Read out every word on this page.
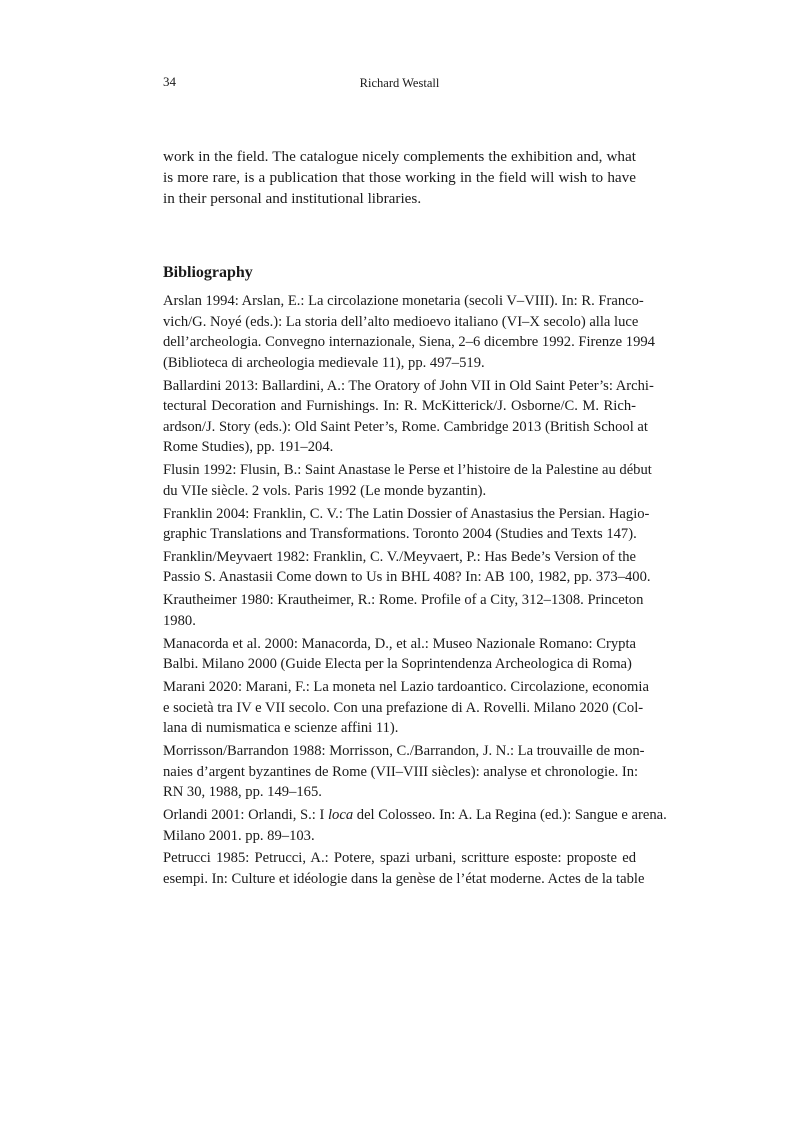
34	Richard Westall
work in the field. The catalogue nicely complements the exhibition and, what
is more rare, is a publication that those working in the field will wish to have
in their personal and institutional libraries.
Bibliography
Arslan 1994: Arslan, E.: La circolazione monetaria (secoli V–VIII). In: R. Franco-
vich/G. Noyé (eds.): La storia dell’alto medioevo italiano (VI–X secolo) alla luce
dell’archeologia. Convegno internazionale, Siena, 2–6 dicembre 1992. Firenze 1994
(Biblioteca di archeologia medievale 11), pp. 497–519.
Ballardini 2013: Ballardini, A.: The Oratory of John VII in Old Saint Peter’s: Archi-
tectural Decoration and Furnishings. In: R. McKitterick/J. Osborne/C. M. Rich-
ardson/J. Story (eds.): Old Saint Peter’s, Rome. Cambridge 2013 (British School at
Rome Studies), pp. 191–204.
Flusin 1992: Flusin, B.: Saint Anastase le Perse et l’histoire de la Palestine au début
du VIIe siècle. 2 vols. Paris 1992 (Le monde byzantin).
Franklin 2004: Franklin, C. V.: The Latin Dossier of Anastasius the Persian. Hagio-
graphic Translations and Transformations. Toronto 2004 (Studies and Texts 147).
Franklin/Meyvaert 1982: Franklin, C. V./Meyvaert, P.: Has Bede’s Version of the
Passio S. Anastasii Come down to Us in BHL 408? In: AB 100, 1982, pp. 373–400.
Krautheimer 1980: Krautheimer, R.: Rome. Profile of a City, 312–1308. Princeton
1980.
Manacorda et al. 2000: Manacorda, D., et al.: Museo Nazionale Romano: Crypta
Balbi. Milano 2000 (Guide Electa per la Soprintendenza Archeologica di Roma)
Marani 2020: Marani, F.: La moneta nel Lazio tardoantico. Circolazione, economia
e società tra IV e VII secolo. Con una prefazione di A. Rovelli. Milano 2020 (Col-
lana di numismatica e scienze affini 11).
Morrisson/Barrandon 1988: Morrisson, C./Barrandon, J. N.: La trouvaille de mon-
naies d’argent byzantines de Rome (VII–VIII siècles): analyse et chronologie. In:
RN 30, 1988, pp. 149–165.
Orlandi 2001: Orlandi, S.: I loca del Colosseo. In: A. La Regina (ed.): Sangue e arena.
Milano 2001. pp. 89–103.
Petrucci 1985: Petrucci, A.: Potere, spazi urbani, scritture esposte: proposte ed
esempi. In: Culture et idéologie dans la genèse de l’état moderne. Actes de la table
